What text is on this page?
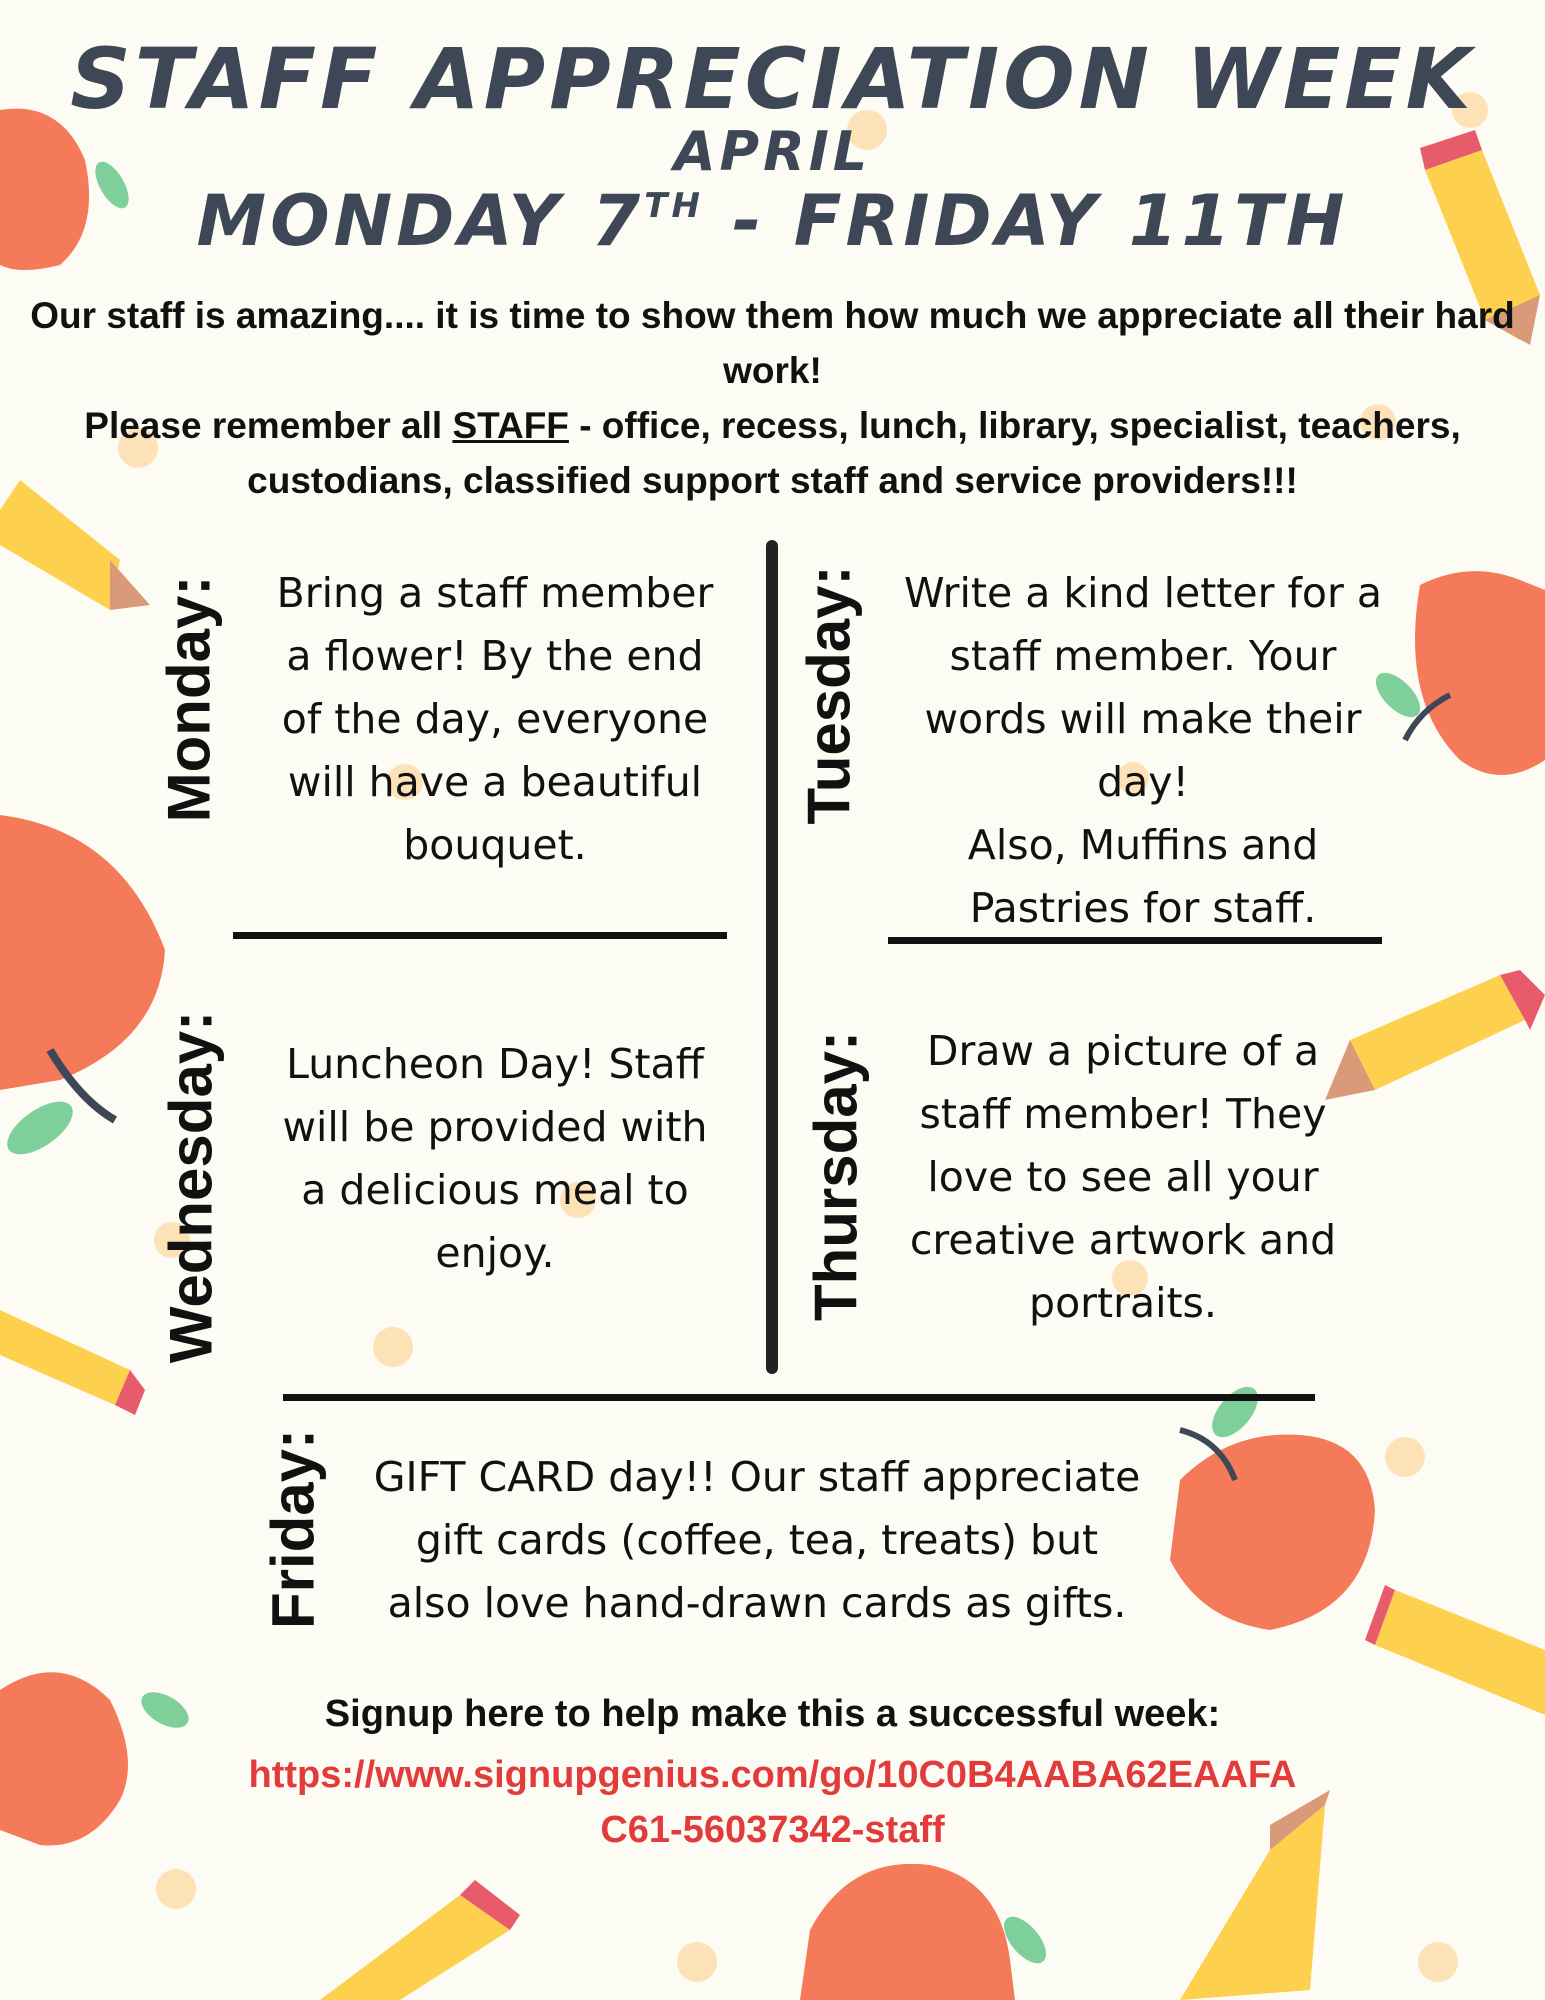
STAFF APPRECIATION WEEK
APRIL
MONDAY 7TH - FRIDAY 11TH
Our staff is amazing.... it is time to show them how much we appreciate all their hard work!
Please remember all STAFF - office, recess, lunch, library, specialist, teachers, custodians, classified support staff and service providers!!!
Monday: Bring a staff member
a flower! By the end
of the day, everyone
will have a beautiful
bouquet.
Tuesday: Write a kind letter for a
staff member. Your
words will make their
day!
Also, Muffins and
Pastries for staff.
Wednesday: Luncheon Day! Staff
will be provided with
a delicious meal to
enjoy.	Thursday:	Draw a picture of a
staff member! They
love to see all your
creative artwork and
portraits.
Friday: GIFT CARD day!! Our staff appreciate
gift cards (coffee, tea, treats) but
also love hand-drawn cards as gifts.
Signup here to help make this a successful week:
https://www.signupgenius.com/go/10C0B4AABA62EAAFA
C61-56037342-staff
